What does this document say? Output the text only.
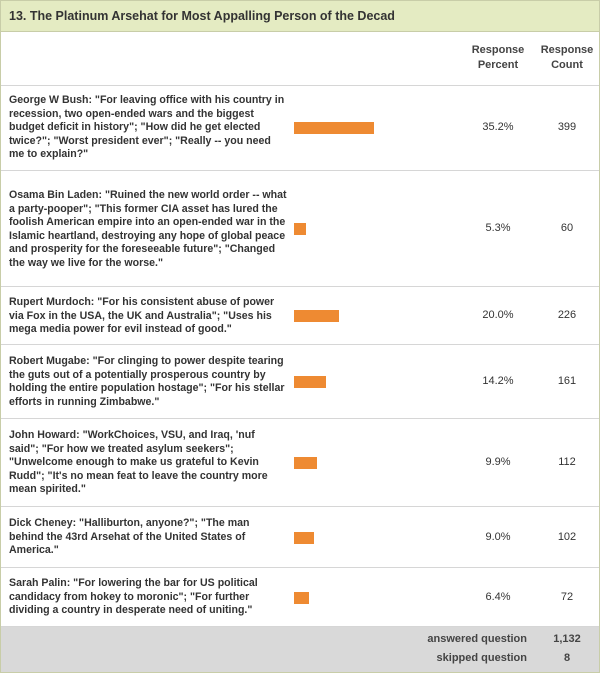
13. The Platinum Arsehat for Most Appalling Person of the Decad
Response Percent
Response Count
George W Bush: "For leaving office with his country in recession, two open-ended wars and the biggest budget deficit in history"; "How did he get elected twice?"; "Worst president ever"; "Really -- you need me to explain?"
35.2%	399
Osama Bin Laden: "Ruined the new world order -- what a party-pooper"; "This former CIA asset has lured the foolish American empire into an open-ended war in the Islamic heartland, destroying any hope of global peace and prosperity for the foreseeable future"; "Changed the way we live for the worse."
5.3%	60
Rupert Murdoch: "For his consistent abuse of power via Fox in the USA, the UK and Australia"; "Uses his mega media power for evil instead of good."
20.0%	226
Robert Mugabe: "For clinging to power despite tearing the guts out of a potentially prosperous country by holding the entire population hostage"; "For his stellar efforts in running Zimbabwe."
14.2%	161
John Howard: "WorkChoices, VSU, and Iraq, 'nuf said"; "For how we treated asylum seekers"; "Unwelcome enough to make us grateful to Kevin Rudd"; "It's no mean feat to leave the country more mean spirited."
9.9%	112
Dick Cheney: "Halliburton, anyone?"; "The man behind the 43rd Arsehat of the United States of America."
9.0%	102
Sarah Palin: "For lowering the bar for US political candidacy from hokey to moronic"; "For further dividing a country in desperate need of uniting."
6.4%	72
answered question	1,132
skipped question	8
